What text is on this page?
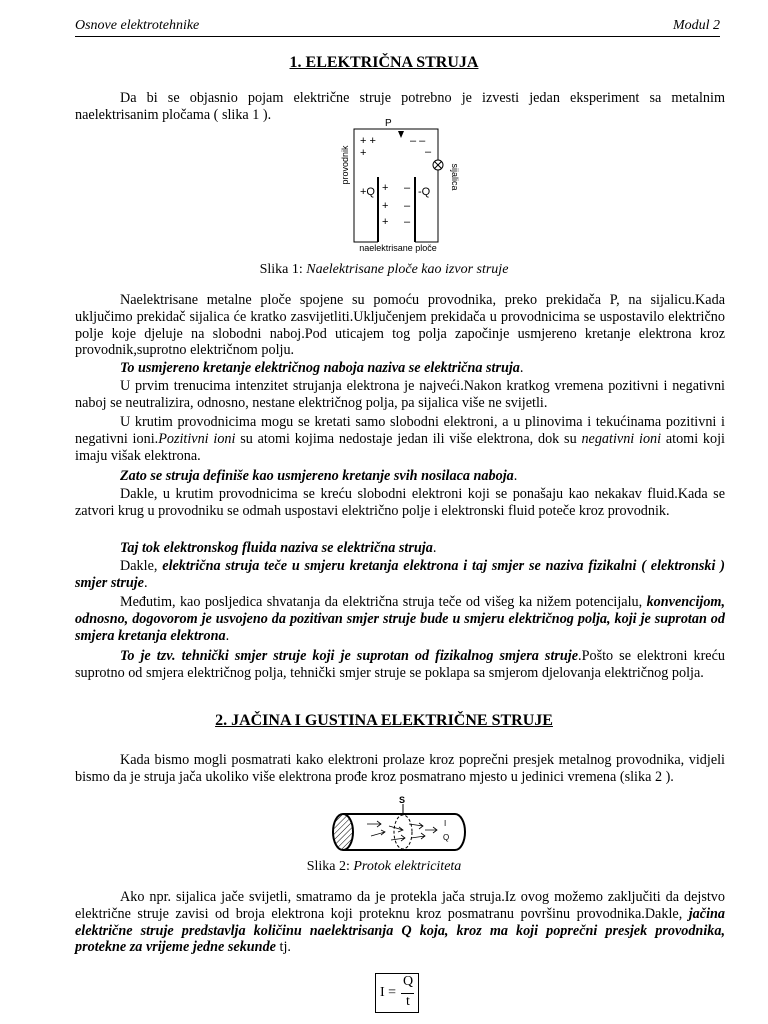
Osnove elektrotehnike	Modul 2
1. ELEKTRIČNA STRUJA

Da bi se objasnio pojam električne struje potrebno je izvesti jedan eksperiment sa metalnim naelektrisanim pločama ( slika 1 ).

P
+ +
+
– –
–
sijalica
provodnik
+Q +
+
+
–
–
–
-Q
naelektrisane ploče
Slika 1: Naelektrisane ploče kao izvor struje

Naelektrisane metalne ploče spojene su pomoću provodnika, preko prekidača P, na sijalicu.Kada uključimo prekidač sijalica će kratko zasvijetliti.Uključenjem prekidača u provodnicima se uspostavilo električno polje koje djeluje na slobodni naboj.Pod uticajem tog polja započinje usmjereno kretanje elektrona kroz provodnik,suprotno električnom polju.

To usmjereno kretanje električnog naboja naziva se električna struja.

U prvim trenucima intenzitet strujanja elektrona je najveći.Nakon kratkog vremena pozitivni i negativni naboj se neutralizira, odnosno, nestane električnog polja, pa sijalica više ne svijetli.

U krutim provodnicima mogu se kretati samo slobodni elektroni, a u plinovima i tekućinama pozitivni i negativni ioni.Pozitivni ioni su atomi kojima nedostaje jedan ili više elektrona, dok su negativni ioni atomi koji imaju višak elektrona.

Zato se struja definiše kao usmjereno kretanje svih nosilaca naboja.

Dakle, u krutim provodnicima se kreću slobodni elektroni koji se ponašaju kao nekakav fluid.Kada se zatvori krug u provodniku se odmah uspostavi električno polje i elektronski fluid poteče kroz provodnik.

Taj tok elektronskog fluida naziva se električna struja.

Dakle, električna struja teče u smjeru kretanja elektrona i taj smjer se naziva fizikalni ( elektronski ) smjer struje.

Međutim, kao posljedica shvatanja da električna struja teče od višeg ka nižem potencijalu, konvencijom, odnosno, dogovorom je usvojeno da pozitivan smjer struje bude u smjeru električnog polja, koji je suprotan od smjera kretanja elektrona.

To je tzv. tehnički smjer struje koji je suprotan od fizikalnog smjera struje.Pošto se elektroni kreću suprotno od smjera električnog polja, tehnički smjer struje se poklapa sa smjerom djelovanja električnog polja.

2. JAČINA I GUSTINA ELEKTRIČNE STRUJE

Kada bismo mogli posmatrati kako elektroni prolaze kroz poprečni presjek metalnog provodnika, vidjeli bismo da je struja jača ukoliko više elektrona prođe kroz posmatrano mjesto u jedinici vremena (slika 2 ).

S
I
Q
Slika 2: Protok elektriciteta

Ako npr. sijalica jače svijetli, smatramo da je protekla jača struja.Iz ovog možemo zaključiti da dejstvo električne struje zavisi od broja elektrona koji proteknu kroz posmatranu površinu provodnika.Dakle, jačina električne struje predstavlja količinu naelektrisanja Q koja, kroz ma koji poprečni presjek provodnika, protekne za vrijeme jedne sekunde tj.

I =
Q
t
